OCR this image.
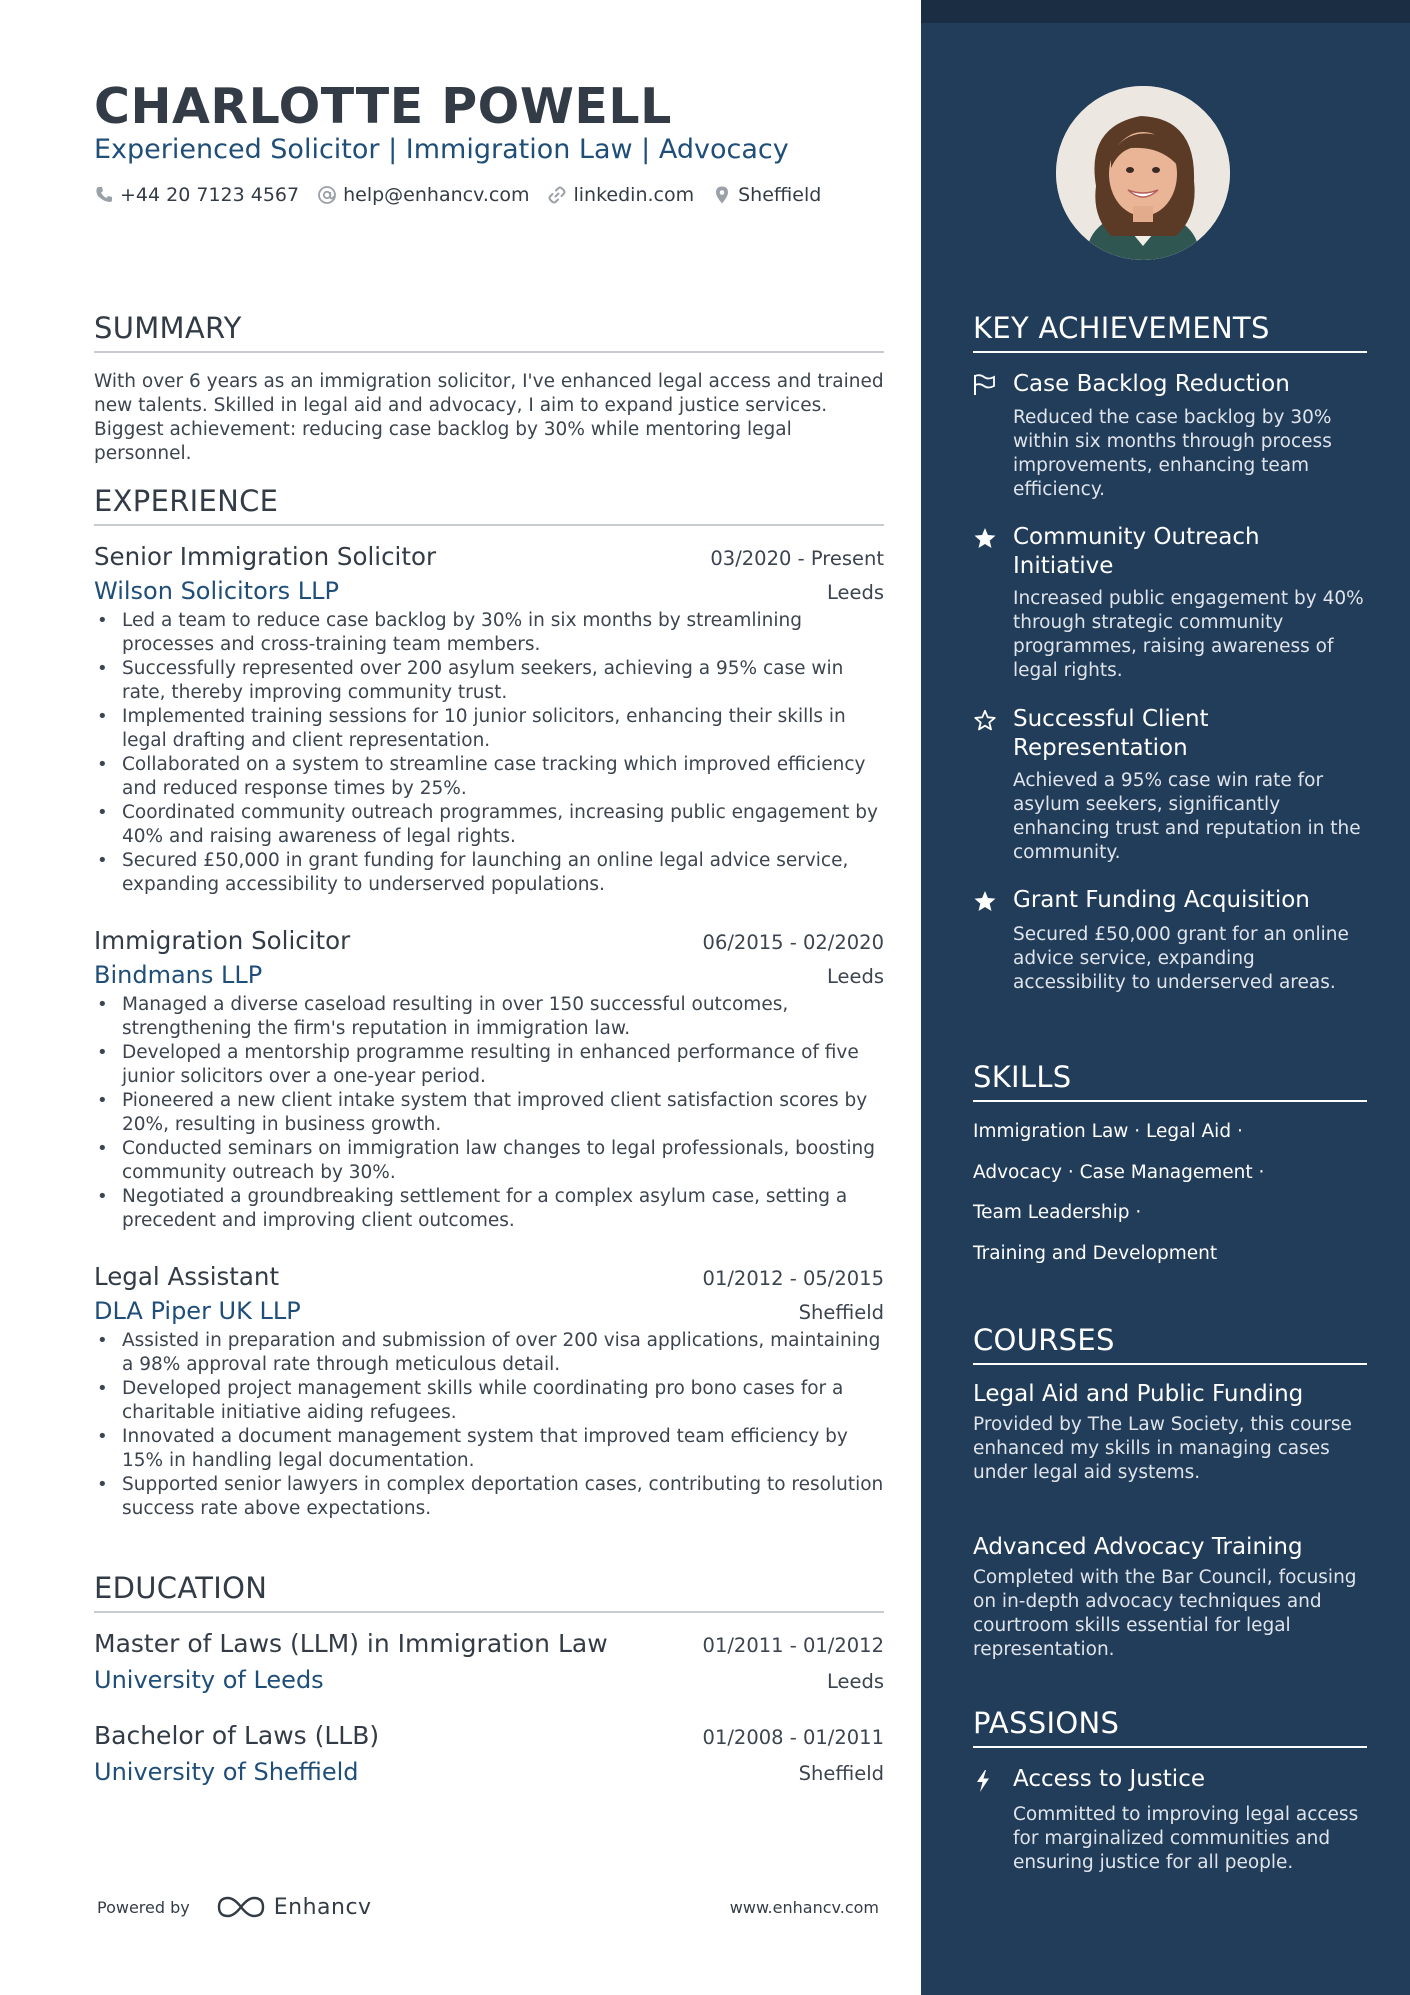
CHARLOTTE POWELL
Experienced Solicitor | Immigration Law | Advocacy
+44 20 7123 4567 help@enhancv.com linkedin.com Sheffield
SUMMARY
With over 6 years as an immigration solicitor, I've enhanced legal access and trained new talents. Skilled in legal aid and advocacy, I aim to expand justice services. Biggest achievement: reducing case backlog by 30% while mentoring legal personnel.
EXPERIENCE
Senior Immigration Solicitor	03/2020 - Present
Wilson Solicitors LLP	Leeds
• Led a team to reduce case backlog by 30% in six months by streamlining processes and cross-training team members.
• Successfully represented over 200 asylum seekers, achieving a 95% case win rate, thereby improving community trust.
• Implemented training sessions for 10 junior solicitors, enhancing their skills in legal drafting and client representation.
• Collaborated on a system to streamline case tracking which improved efficiency and reduced response times by 25%.
• Coordinated community outreach programmes, increasing public engagement by 40% and raising awareness of legal rights.
• Secured £50,000 in grant funding for launching an online legal advice service, expanding accessibility to underserved populations.
Immigration Solicitor	06/2015 - 02/2020
Bindmans LLP	Leeds
• Managed a diverse caseload resulting in over 150 successful outcomes, strengthening the firm's reputation in immigration law.
• Developed a mentorship programme resulting in enhanced performance of five junior solicitors over a one-year period.
• Pioneered a new client intake system that improved client satisfaction scores by 20%, resulting in business growth.
• Conducted seminars on immigration law changes to legal professionals, boosting community outreach by 30%.
• Negotiated a groundbreaking settlement for a complex asylum case, setting a precedent and improving client outcomes.
Legal Assistant	01/2012 - 05/2015
DLA Piper UK LLP	Sheffield
• Assisted in preparation and submission of over 200 visa applications, maintaining a 98% approval rate through meticulous detail.
• Developed project management skills while coordinating pro bono cases for a charitable initiative aiding refugees.
• Innovated a document management system that improved team efficiency by 15% in handling legal documentation.
• Supported senior lawyers in complex deportation cases, contributing to resolution success rate above expectations.
EDUCATION
Master of Laws (LLM) in Immigration Law	01/2011 - 01/2012
University of Leeds	Leeds
Bachelor of Laws (LLB)	01/2008 - 01/2011
University of Sheffield	Sheffield
Powered by	Enhancv	www.enhancv.com
KEY ACHIEVEMENTS
Case Backlog Reduction
Reduced the case backlog by 30% within six months through process improvements, enhancing team efficiency.
Community Outreach Initiative
Increased public engagement by 40% through strategic community programmes, raising awareness of legal rights.
Successful Client Representation
Achieved a 95% case win rate for asylum seekers, significantly enhancing trust and reputation in the community.
Grant Funding Acquisition
Secured £50,000 grant for an online advice service, expanding accessibility to underserved areas.
SKILLS
Immigration Law · Legal Aid ·
Advocacy · Case Management ·
Team Leadership ·
Training and Development
COURSES
Legal Aid and Public Funding
Provided by The Law Society, this course enhanced my skills in managing cases under legal aid systems.
Advanced Advocacy Training
Completed with the Bar Council, focusing on in-depth advocacy techniques and courtroom skills essential for legal representation.
PASSIONS
Access to Justice
Committed to improving legal access for marginalized communities and ensuring justice for all people.
